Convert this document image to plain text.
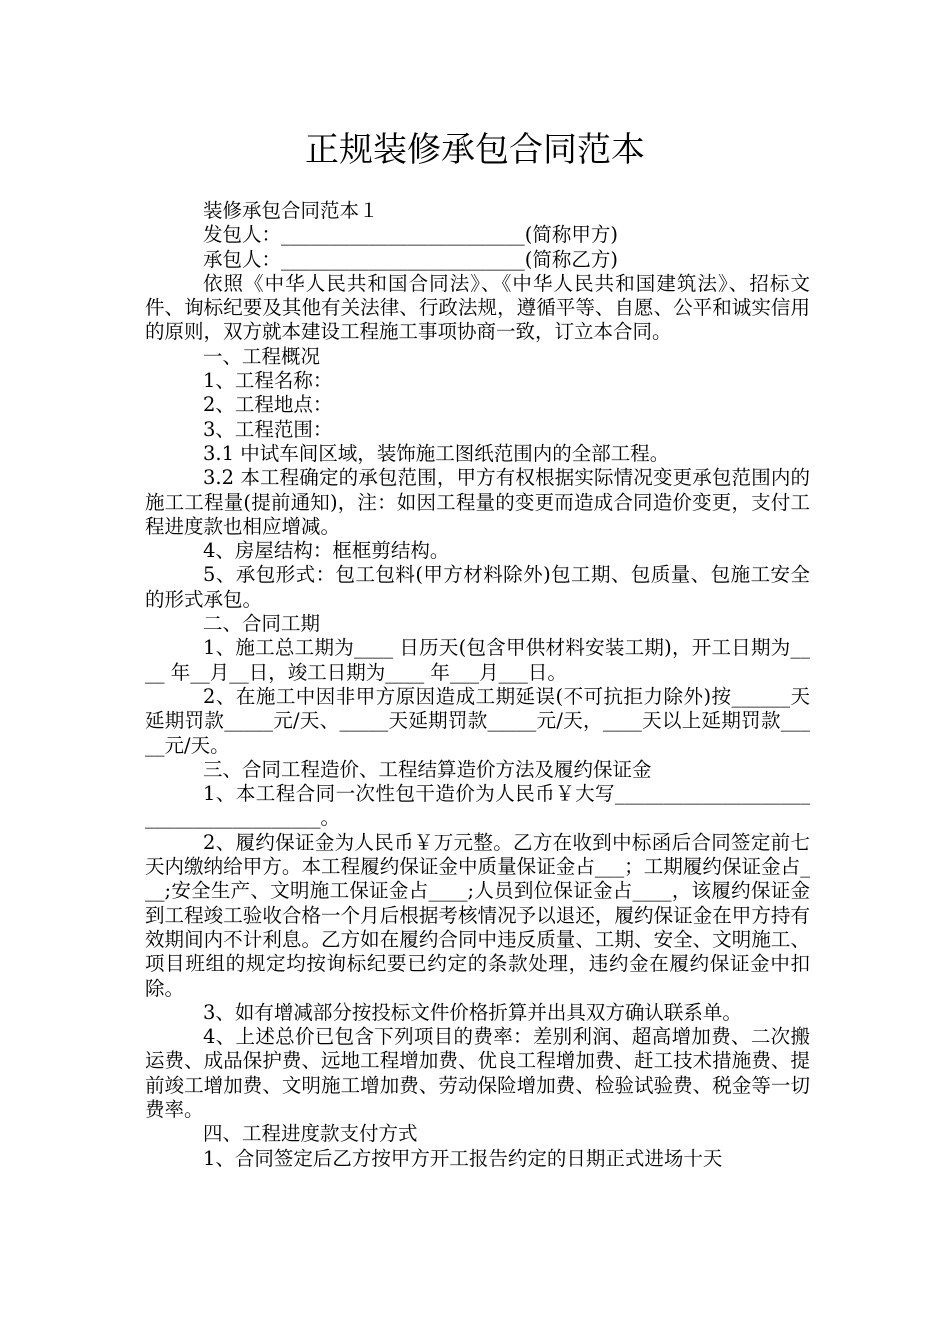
正规装修承包合同范本

装修承包合同范本１

发包人：_________________________(简称甲方)

承包人：_________________________(简称乙方)

依照《中华人民共和国合同法》、《中华人民共和国建筑法》、招标文件、询标纪要及其他有关法律、行政法规，遵循平等、自愿、公平和诚实信用的原则，双方就本建设工程施工事项协商一致，订立本合同。

一、工程概况

1、工程名称：

2、工程地点：

3、工程范围：

3.1 中试车间区域，装饰施工图纸范围内的全部工程。

3.2 本工程确定的承包范围，甲方有权根据实际情况变更承包范围内的施工工程量(提前通知)，注：如因工程量的变更而造成合同造价变更，支付工程进度款也相应增减。

4、房屋结构：框框剪结构。

5、承包形式：包工包料(甲方材料除外)包工期、包质量、包施工安全的形式承包。

二、合同工期

1、施工总工期为____ 日历天(包含甲供材料安装工期)，开工日期为____ 年__月__日，竣工日期为____ 年___月___日。

2、在施工中因非甲方原因造成工期延误(不可抗拒力除外)按______天延期罚款_____元/天、_____天延期罚款_____元/天，____天以上延期罚款_____元/天。

三、合同工程造价、工程结算造价方法及履约保证金

1、本工程合同一次性包干造价为人民币￥大写______________________________________。

2、履约保证金为人民币￥万元整。乙方在收到中标函后合同签定前七天内缴纳给甲方。本工程履约保证金中质量保证金占___；工期履约保证金占___;安全生产、文明施工保证金占____;人员到位保证金占____，该履约保证金到工程竣工验收合格一个月后根据考核情况予以退还，履约保证金在甲方持有效期间内不计利息。乙方如在履约合同中违反质量、工期、安全、文明施工、项目班组的规定均按询标纪要已约定的条款处理，违约金在履约保证金中扣除。

3、如有增减部分按投标文件价格折算并出具双方确认联系单。

4、上述总价已包含下列项目的费率：差别利润、超高增加费、二次搬运费、成品保护费、远地工程增加费、优良工程增加费、赶工技术措施费、提前竣工增加费、文明施工增加费、劳动保险增加费、检验试验费、税金等一切费率。

四、工程进度款支付方式

1、合同签定后乙方按甲方开工报告约定的日期正式进场十天
